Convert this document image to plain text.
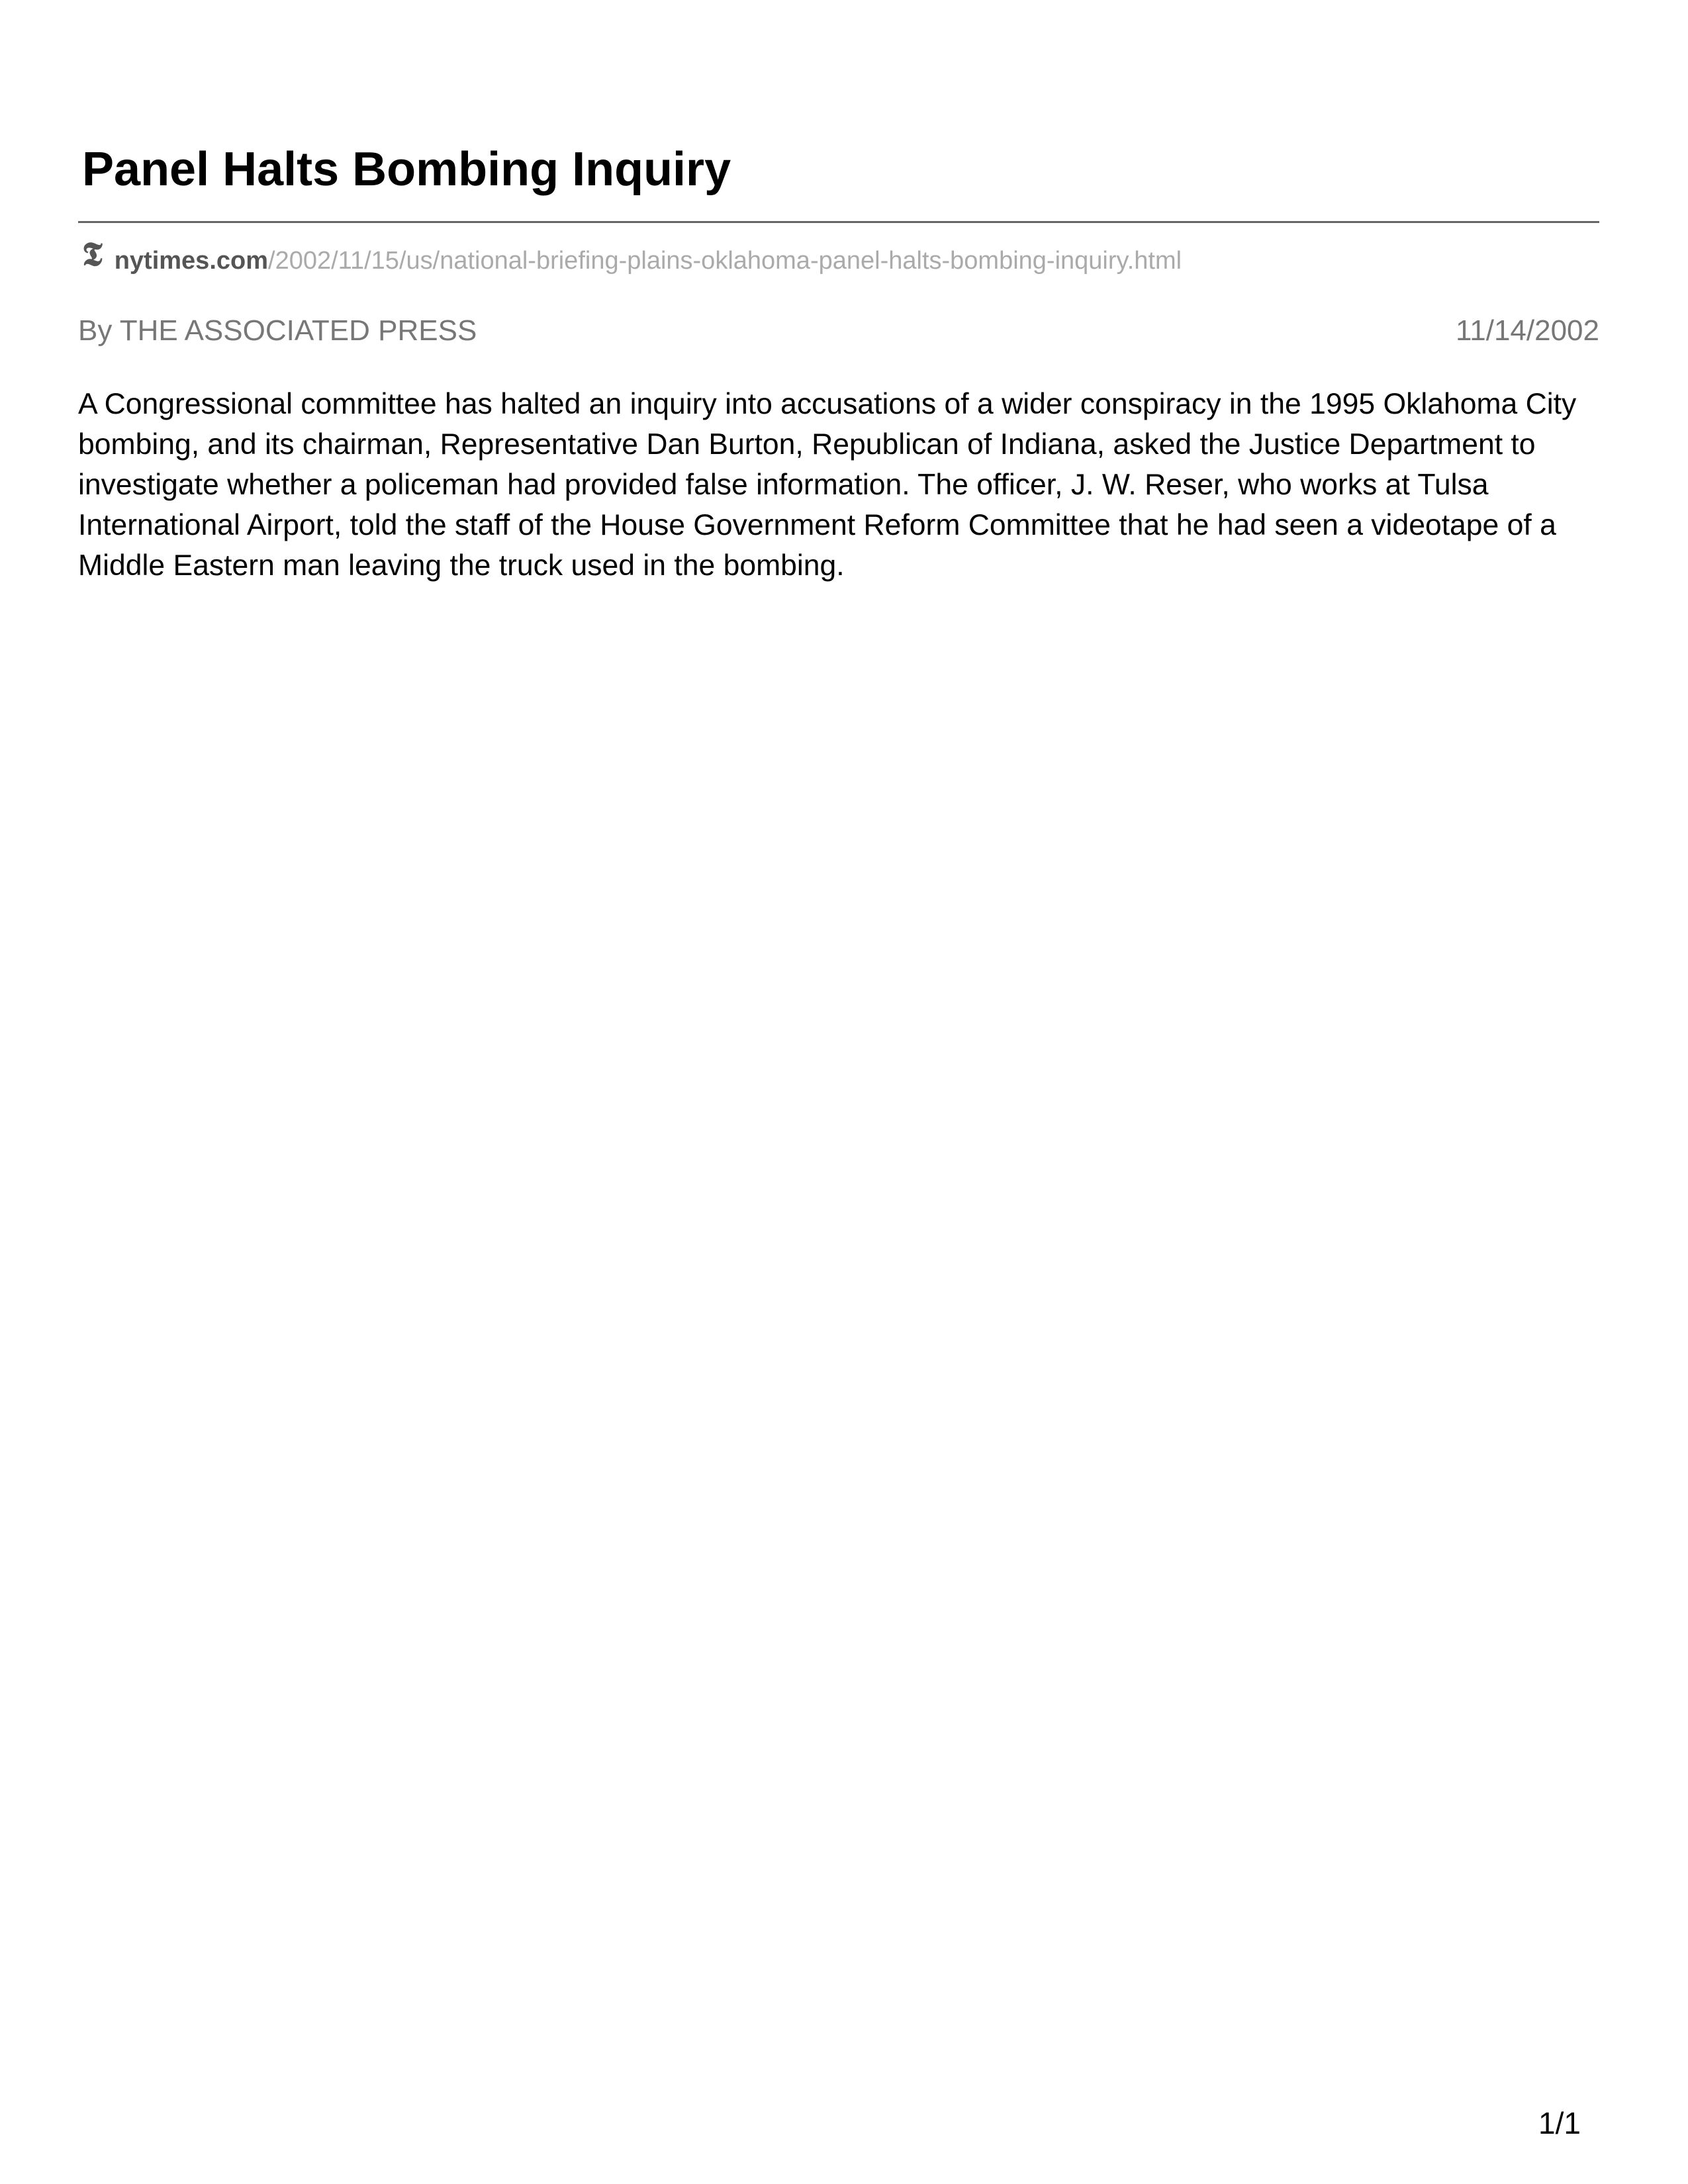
Panel Halts Bombing Inquiry
𝕿 nytimes.com /2002/11/15/us/national-briefing-plains-oklahoma-panel-halts-bombing-inquiry.html
By THE ASSOCIATED PRESS	11/14/2002

A Congressional committee has halted an inquiry into accusations of a wider conspiracy in the 1995 Oklahoma City bombing, and its chairman, Representative Dan Burton, Republican of Indiana, asked the Justice Department to investigate whether a policeman had provided false information. The officer, J. W. Reser, who works at Tulsa International Airport, told the staff of the House Government Reform Committee that he had seen a videotape of a Middle Eastern man leaving the truck used in the bombing.

1/1
